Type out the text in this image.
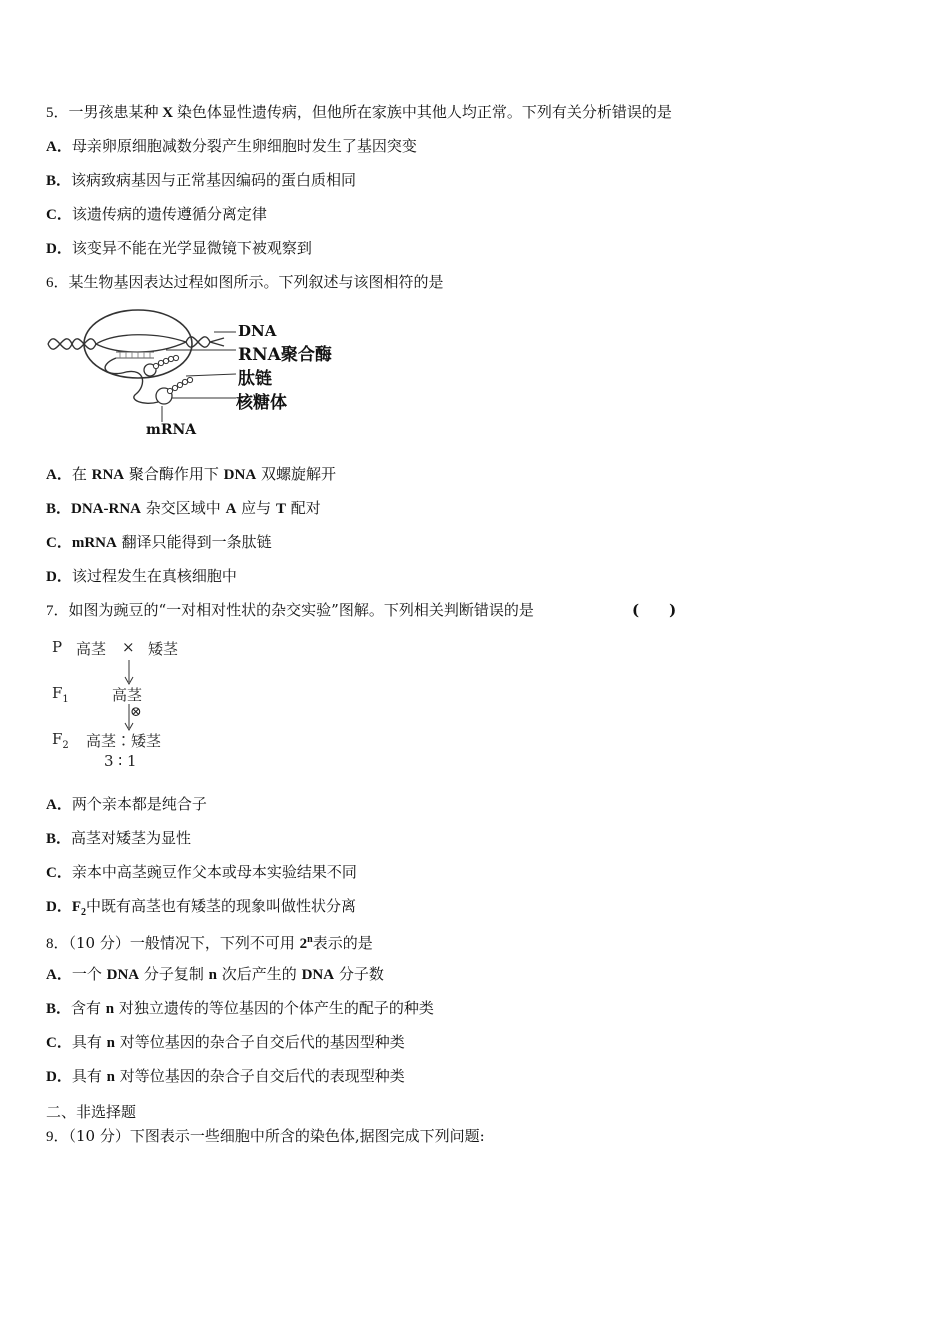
5．一男孩患某种 X 染色体显性遗传病，但他所在家族中其他人均正常。下列有关分析错误的是
A．母亲卵原细胞减数分裂产生卵细胞时发生了基因突变
B．该病致病基因与正常基因编码的蛋白质相同
C．该遗传病的遗传遵循分离定律
D．该变异不能在光学显微镜下被观察到
6．某生物基因表达过程如图所示。下列叙述与该图相符的是
DNA
RNA聚合酶
肽链
核糖体
mRNA
A．在 RNA 聚合酶作用下 DNA 双螺旋解开
B．DNA-RNA 杂交区域中 A 应与 T 配对
C．mRNA 翻译只能得到一条肽链
D．该过程发生在真核细胞中
7．如图为豌豆的“一对相对性状的杂交实验”图解。下列相关判断错误的是	(　　)
P 高茎 × 矮茎
$F_1$	高茎
⊗
$F_2$ 高茎∶矮茎
3 ∶ 1
A．两个亲本都是纯合子
B．高茎对矮茎为显性
C．亲本中高茎豌豆作父本或母本实验结果不同
D．$F_2$中既有高茎也有矮茎的现象叫做性状分离
8．（10 分）一般情况下，下列不可用 2$^n$表示的是
A．一个 DNA 分子复制 n 次后产生的 DNA 分子数
B．含有 n 对独立遗传的等位基因的个体产生的配子的种类
C．具有 n 对等位基因的杂合子自交后代的基因型种类
D．具有 n 对等位基因的杂合子自交后代的表现型种类
二、非选择题
9．（10 分）下图表示一些细胞中所含的染色体,据图完成下列问题:
